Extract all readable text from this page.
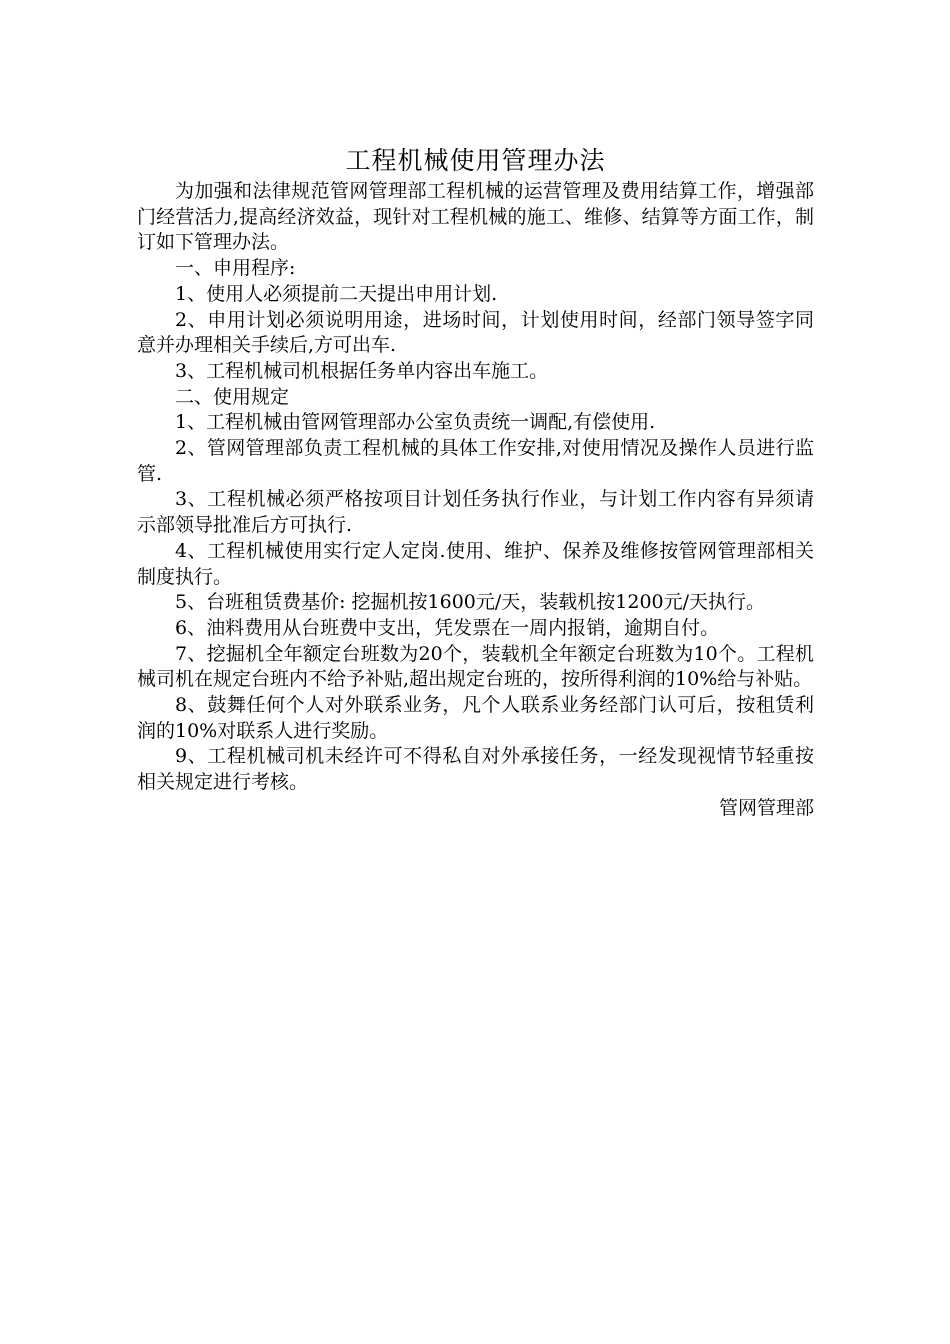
工程机械使用管理办法

为加强和法律规范管网管理部工程机械的运营管理及费用结算工作，增强部门经营活力,提高经济效益，现针对工程机械的施工、维修、结算等方面工作，制订如下管理办法。

一、申用程序:

1、使用人必须提前二天提出申用计划.

2、申用计划必须说明用途，进场时间，计划使用时间，经部门领导签字同意并办理相关手续后,方可出车.

3、工程机械司机根据任务单内容出车施工。

二、使用规定

1、工程机械由管网管理部办公室负责统一调配,有偿使用.

2、管网管理部负责工程机械的具体工作安排,对使用情况及操作人员进行监管.

3、工程机械必须严格按项目计划任务执行作业，与计划工作内容有异须请示部领导批准后方可执行.

4、工程机械使用实行定人定岗.使用、维护、保养及维修按管网管理部相关制度执行。

5、台班租赁费基价: 挖掘机按1600元/天，装载机按1200元/天执行。

6、油料费用从台班费中支出，凭发票在一周内报销，逾期自付。

7、挖掘机全年额定台班数为20个，装载机全年额定台班数为10个。工程机械司机在规定台班内不给予补贴,超出规定台班的，按所得利润的10%给与补贴。

8、鼓舞任何个人对外联系业务，凡个人联系业务经部门认可后，按租赁利润的10%对联系人进行奖励。

9、工程机械司机未经许可不得私自对外承接任务，一经发现视情节轻重按相关规定进行考核。

管网管理部
